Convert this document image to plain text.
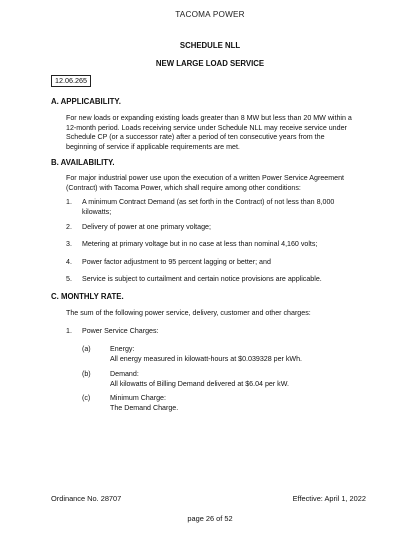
TACOMA POWER
SCHEDULE NLL
NEW LARGE LOAD SERVICE
12.06.265
A. APPLICABILITY.
For new loads or expanding existing loads greater than 8 MW but less than 20 MW within a
12-month period. Loads receiving service under Schedule NLL may receive service under
Schedule CP (or a successor rate) after a period of ten consecutive years from the
beginning of service if applicable requirements are met.
B. AVAILABILITY.
For major industrial power use upon the execution of a written Power Service Agreement
(Contract) with Tacoma Power, which shall require among other conditions:
1.	A minimum Contract Demand (as set forth in the Contract) of not less than 8,000
kilowatts;
2.	Delivery of power at one primary voltage;
3.	Metering at primary voltage but in no case at less than nominal 4,160 volts;
4.	Power factor adjustment to 95 percent lagging or better; and
5.	Service is subject to curtailment and certain notice provisions are applicable.
C. MONTHLY RATE.
The sum of the following power service, delivery, customer and other charges:
1.	Power Service Charges:
(a)	Energy:
All energy measured in kilowatt-hours at $0.039328 per kWh.
(b)	Demand:
All kilowatts of Billing Demand delivered at $6.04 per kW.
(c)	Minimum Charge:
The Demand Charge.
Ordinance No. 28707	Effective: April 1, 2022
page 26 of 52
